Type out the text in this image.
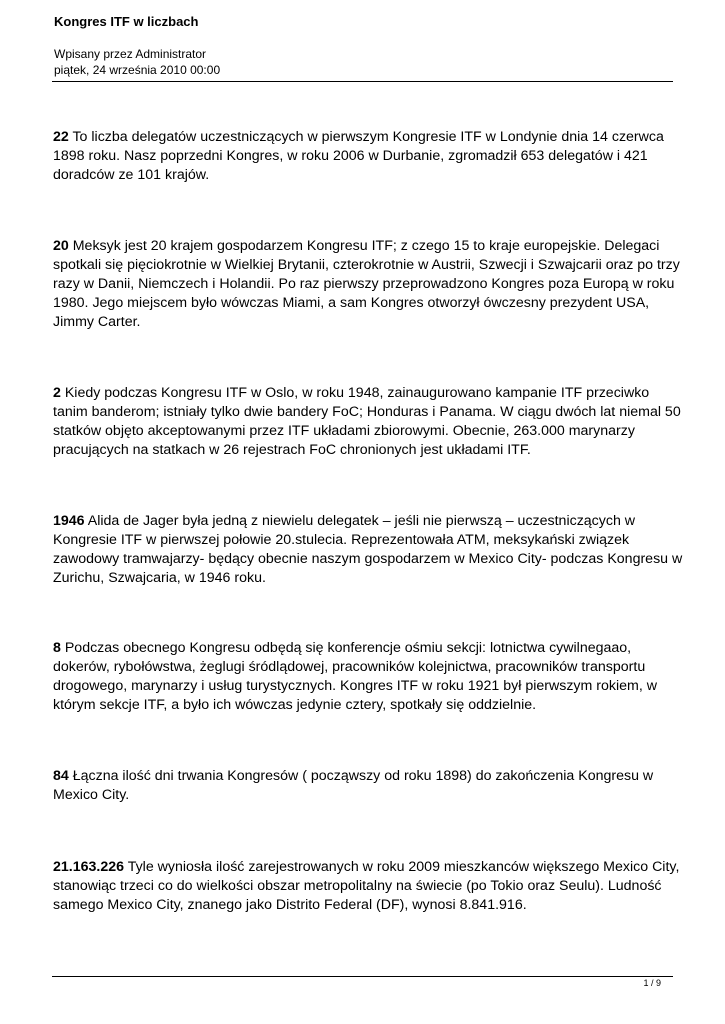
Kongres ITF w liczbach
Wpisany przez Administrator
piątek, 24 września 2010 00:00

22 To liczba delegatów uczestniczących w pierwszym Kongresie ITF w Londynie dnia 14 czerwca 1898 roku. Nasz poprzedni Kongres, w roku 2006 w Durbanie, zgromadził 653 delegatów i 421 doradców ze 101 krajów.

20 Meksyk jest 20 krajem gospodarzem Kongresu ITF; z czego 15 to kraje europejskie. Delegaci spotkali się pięciokrotnie w Wielkiej Brytanii, czterokrotnie w Austrii, Szwecji i Szwajcarii oraz po trzy razy w Danii, Niemczech i Holandii. Po raz pierwszy przeprowadzono Kongres poza Europą w roku 1980. Jego miejscem było wówczas Miami, a sam Kongres otworzył ówczesny prezydent USA, Jimmy Carter.

2 Kiedy podczas Kongresu ITF w Oslo, w roku 1948, zainaugurowano kampanie ITF przeciwko tanim banderom; istniały tylko dwie bandery FoC; Honduras i Panama. W ciągu dwóch lat niemal 50 statków objęto akceptowanymi przez ITF układami zbiorowymi. Obecnie, 263.000 marynarzy pracujących na statkach w 26 rejestrach FoC chronionych jest układami ITF.

1946 Alida de Jager była jedną z niewielu delegatek – jeśli nie pierwszą – uczestniczących w Kongresie ITF w pierwszej połowie 20.stulecia. Reprezentowała ATM, meksykański związek zawodowy tramwajarzy- będący obecnie naszym gospodarzem w Mexico City- podczas Kongresu w Zurichu, Szwajcaria, w 1946 roku.

8 Podczas obecnego Kongresu odbędą się konferencje ośmiu sekcji: lotnictwa cywilnegaao, dokerów, rybołówstwa, żeglugi śródlądowej, pracowników kolejnictwa, pracowników transportu drogowego, marynarzy i usług turystycznych. Kongres ITF w roku 1921 był pierwszym rokiem, w którym sekcje ITF, a było ich wówczas jedynie cztery, spotkały się oddzielnie.

84 Łączna ilość dni trwania Kongresów ( począwszy od roku 1898) do zakończenia Kongresu w Mexico City.

21.163.226 Tyle wyniosła ilość zarejestrowanych w roku 2009 mieszkanców większego Mexico City, stanowiąc trzeci co do wielkości obszar metropolitalny na świecie (po Tokio oraz Seulu). Ludność samego Mexico City, znanego jako Distrito Federal (DF), wynosi 8.841.916.

1 / 9
